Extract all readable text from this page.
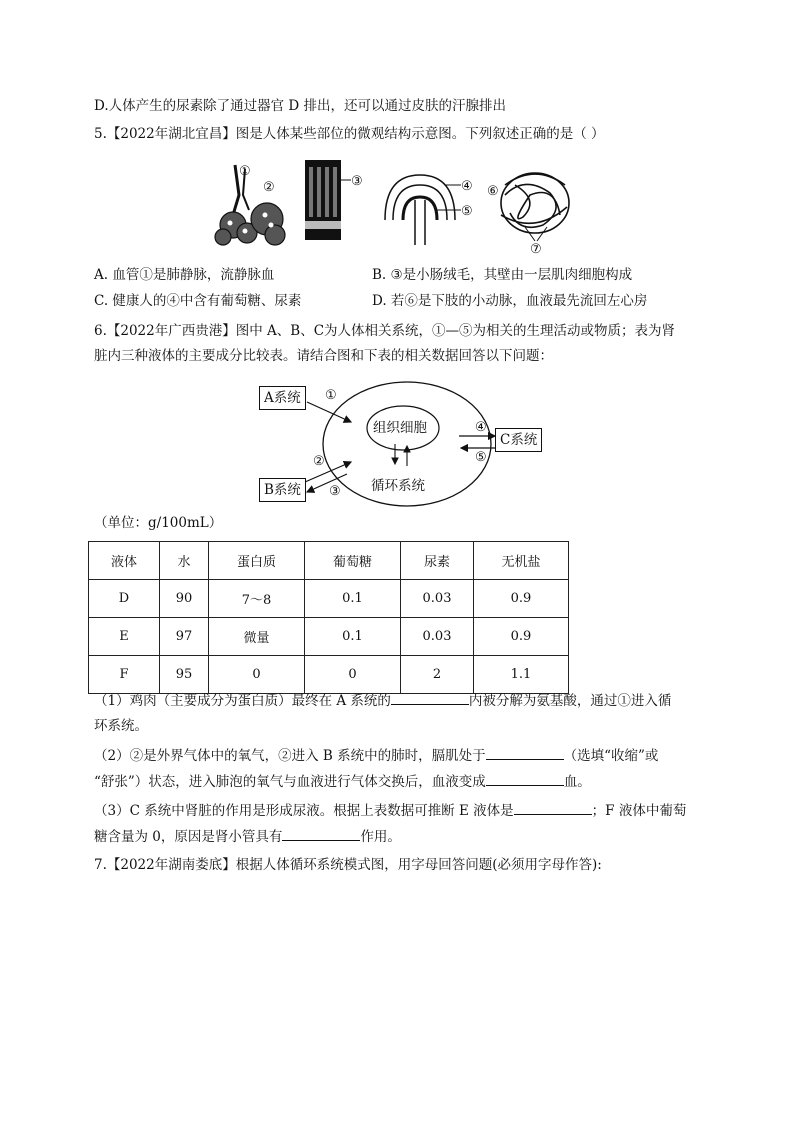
D.人体产生的尿素除了通过器官 D 排出，还可以通过皮肤的汗腺排出
5.【2022年湖北宜昌】图是人体某些部位的微观结构示意图。下列叙述正确的是（ ）
①
②	③	④
⑤
⑥
⑦
A. 血管①是肺静脉，流静脉血	B. ③是小肠绒毛，其壁由一层肌肉细胞构成
C. 健康人的④中含有葡萄糖、尿素	D. 若⑥是下肢的小动脉，血液最先流回左心房
6.【2022年广西贵港】图中 A、B、C为人体相关系统，①—⑤为相关的生理活动或物质；表为肾
脏内三种液体的主要成分比较表。请结合图和下表的相关数据回答以下问题：
A系统
B系统
C系统
组织细胞
循环系统
①
②
③
④
⑤
（单位：g/100mL）
液体	水	蛋白质	葡萄糖	尿素	无机盐
D	90	7～8	0.1	0.03	0.9
E	97	微量	0.1	0.03	0.9
F	95	0	0	2	1.1
（1）鸡肉（主要成分为蛋白质）最终在 A 系统的	内被分解为氨基酸，通过①进入循
环系统。
（2）②是外界气体中的氧气，②进入 B 系统中的肺时，膈肌处于	（选填“收缩”或
“舒张”）状态，进入肺泡的氧气与血液进行气体交换后，血液变成	血。
（3）C 系统中肾脏的作用是形成尿液。根据上表数据可推断 E 液体是	；F 液体中葡萄
糖含量为 0，原因是肾小管具有	作用。
7.【2022年湖南娄底】根据人体循环系统模式图，用字母回答问题(必须用字母作答):
